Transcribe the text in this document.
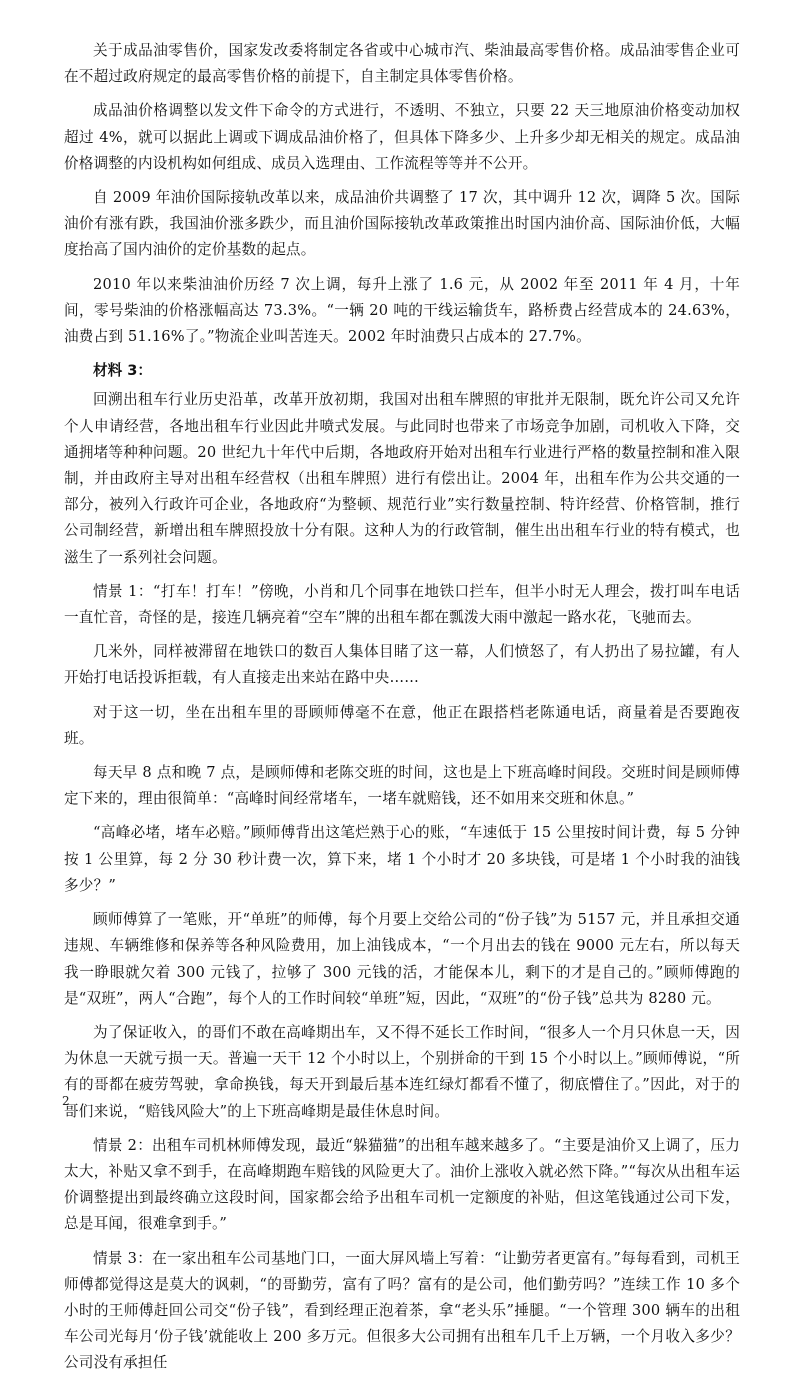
关于成品油零售价，国家发改委将制定各省或中心城市汽、柴油最高零售价格。成品油零售企业可在不超过政府规定的最高零售价格的前提下，自主制定具体零售价格。

成品油价格调整以发文件下命令的方式进行，不透明、不独立，只要 22 天三地原油价格变动加权超过 4%，就可以据此上调或下调成品油价格了，但具体下降多少、上升多少却无相关的规定。成品油价格调整的内设机构如何组成、成员入选理由、工作流程等等并不公开。

自 2009 年油价国际接轨改革以来，成品油价共调整了 17 次，其中调升 12 次，调降 5 次。国际油价有涨有跌，我国油价涨多跌少，而且油价国际接轨改革政策推出时国内油价高、国际油价低，大幅度抬高了国内油价的定价基数的起点。

2010 年以来柴油油价历经 7 次上调，每升上涨了 1.6 元，从 2002 年至 2011 年 4 月，十年间，零号柴油的价格涨幅高达 73.3%。“一辆 20 吨的干线运输货车，路桥费占经营成本的 24.63%，油费占到 51.16%了。”物流企业叫苦连天。2002 年时油费只占成本的 27.7%。

材料 3：

回溯出租车行业历史沿革，改革开放初期，我国对出租车牌照的审批并无限制，既允许公司又允许个人申请经营，各地出租车行业因此井喷式发展。与此同时也带来了市场竞争加剧，司机收入下降，交通拥堵等种种问题。20 世纪九十年代中后期，各地政府开始对出租车行业进行严格的数量控制和准入限制，并由政府主导对出租车经营权（出租车牌照）进行有偿出让。2004 年，出租车作为公共交通的一部分，被列入行政许可企业，各地政府“为整顿、规范行业”实行数量控制、特许经营、价格管制，推行公司制经营，新增出租车牌照投放十分有限。这种人为的行政管制，催生出出租车行业的特有模式，也滋生了一系列社会问题。

情景 1：“打车！打车！”傍晚，小肖和几个同事在地铁口拦车，但半小时无人理会，拨打叫车电话一直忙音，奇怪的是，接连几辆亮着“空车”牌的出租车都在瓢泼大雨中激起一路水花，飞驰而去。

几米外，同样被滞留在地铁口的数百人集体目睹了这一幕，人们愤怒了，有人扔出了易拉罐，有人开始打电话投诉拒载，有人直接走出来站在路中央……

对于这一切，坐在出租车里的哥顾师傅毫不在意，他正在跟搭档老陈通电话，商量着是否要跑夜班。

每天早 8 点和晚 7 点，是顾师傅和老陈交班的时间，这也是上下班高峰时间段。交班时间是顾师傅定下来的，理由很简单：“高峰时间经常堵车，一堵车就赔钱，还不如用来交班和休息。”

“高峰必堵，堵车必赔。”顾师傅背出这笔烂熟于心的账，“车速低于 15 公里按时间计费，每 5 分钟按 1 公里算，每 2 分 30 秒计费一次，算下来，堵 1 个小时才 20 多块钱，可是堵 1 个小时我的油钱多少？”

顾师傅算了一笔账，开“单班”的师傅，每个月要上交给公司的“份子钱”为 5157 元，并且承担交通违规、车辆维修和保养等各种风险费用，加上油钱成本，“一个月出去的钱在 9000 元左右，所以每天我一睁眼就欠着 300 元钱了，拉够了 300 元钱的活，才能保本儿，剩下的才是自己的。”顾师傅跑的是“双班”，两人“合跑”，每个人的工作时间较“单班”短，因此，“双班”的“份子钱”总共为 8280 元。

为了保证收入，的哥们不敢在高峰期出车，又不得不延长工作时间，“很多人一个月只休息一天，因为休息一天就亏损一天。普遍一天干 12 个小时以上，个别拼命的干到 15 个小时以上。”顾师傅说，“所有的哥都在疲劳驾驶，拿命换钱，每天开到最后基本连红绿灯都看不懂了，彻底懵住了。”因此，对于的哥们来说，“赔钱风险大”的上下班高峰期是最佳休息时间。

情景 2：出租车司机林师傅发现，最近“躲猫猫”的出租车越来越多了。“主要是油价又上调了，压力太大，补贴又拿不到手，在高峰期跑车赔钱的风险更大了。油价上涨收入就必然下降。”“每次从出租车运价调整提出到最终确立这段时间，国家都会给予出租车司机一定额度的补贴，但这笔钱通过公司下发，总是耳闻，很难拿到手。”

情景 3：在一家出租车公司基地门口，一面大屏风墙上写着：“让勤劳者更富有。”每每看到，司机王师傅都觉得这是莫大的讽刺，“的哥勤劳，富有了吗？富有的是公司，他们勤劳吗？”连续工作 10 多个小时的王师傅赶回公司交“份子钱”，看到经理正泡着茶，拿“老头乐”捶腿。“一个管理 300 辆车的出租车公司光每月‘份子钱’就能收上 200 多万元。但很多大公司拥有出租车几千上万辆，一个月收入多少？公司没有承担任

2
